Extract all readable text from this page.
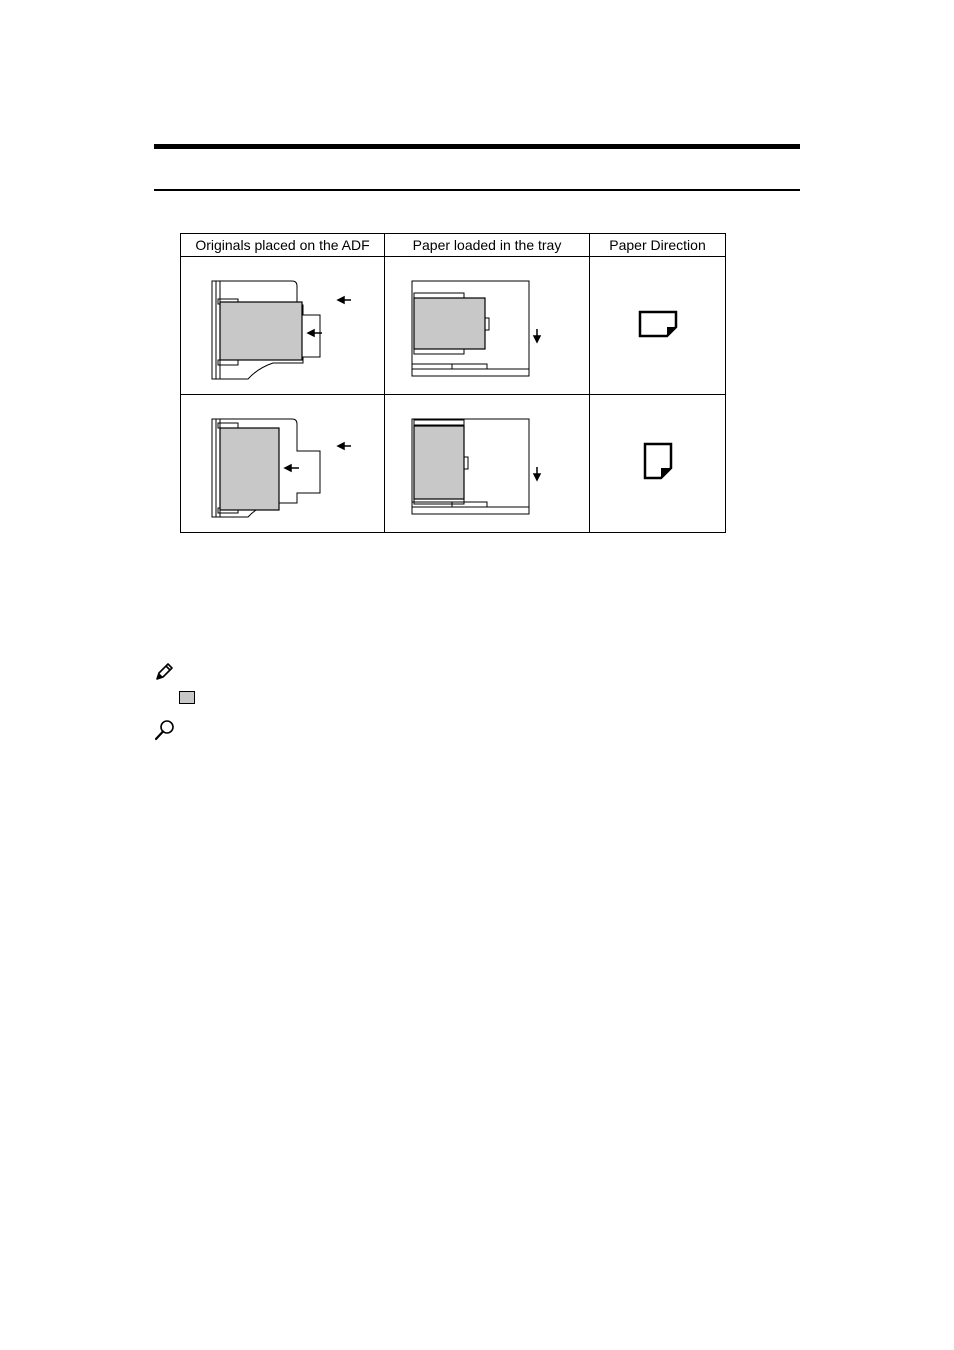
Originals placed on the ADF	Paper loaded in the tray	Paper Direction
